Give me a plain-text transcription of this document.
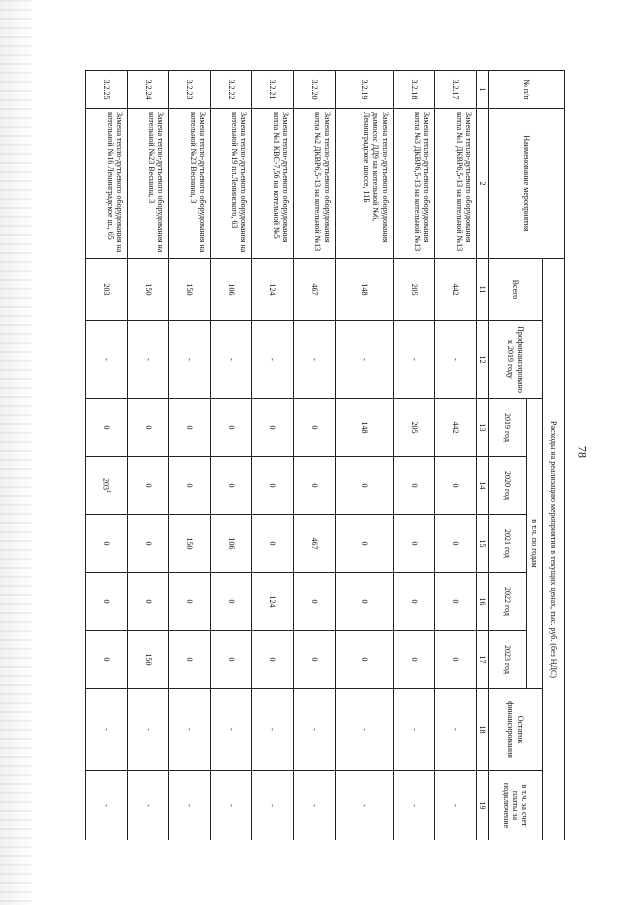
78
№ п/п	Наименование мероприятия	Расходы на реализацию мероприятия в текущих ценах, тыс. руб. (без НДС)								
		Всего	Профинансировано к 2019 году	в т.ч. по годам					Остаток финансирования	в т.ч. за счет платы за подключение
				2019 год	2020 год	2021 год	2022 год	2023 год		
1	2	11	12	13	14	15	16	17	18	19
3.2.17	Замена тепло-дутьевого оборудования котла №1 ДКВР6,5-13 на котельной №13	442	-	442	0	0	0	0	-	-
3.2.18	Замена тепло-дутьевого оборудования котла №3 ДКВР6,5-13 на котельной №13	205	-	205	0	0	0	0	-	-
3.2.19	Замена тепло-дутьевого оборудования дымосос ДД9 на котельной №6, Ленинградское шоссе, 11Б	148	-	148	0	0	0	0	-	-
3.2.20	Замена тепло-дутьевого оборудования котла №2 ДКВР6,5-13 на котельной №13	467	-	0	0	467	0	0	-	-
3.2.21	Замена тепло-дутьевого оборудования котла №1 КВС-7,56 на котельной №5	124	-	0	0	0	124	0	-	-
3.2.22	Замена тепло-дутьевого оборудования на котельной №19 пл.Ленинского, 63	106	-	0	0	106	0	0	-	-
3.2.23	Замена тепло-дутьевого оборудования на котельной №23 Веснина, 3	150	-	0	0	150	0	0	-	-
3.2.24	Замена тепло-дутьевого оборудования на котельной №23 Веснина, 3	150	-	0	0	0	0	150	-	-
3.2.25	Замена тепло-дутьевого оборудования на котельной №16 Ленинградское ш., 65	203	-	0	$203^1$	0	0	0	-	-
